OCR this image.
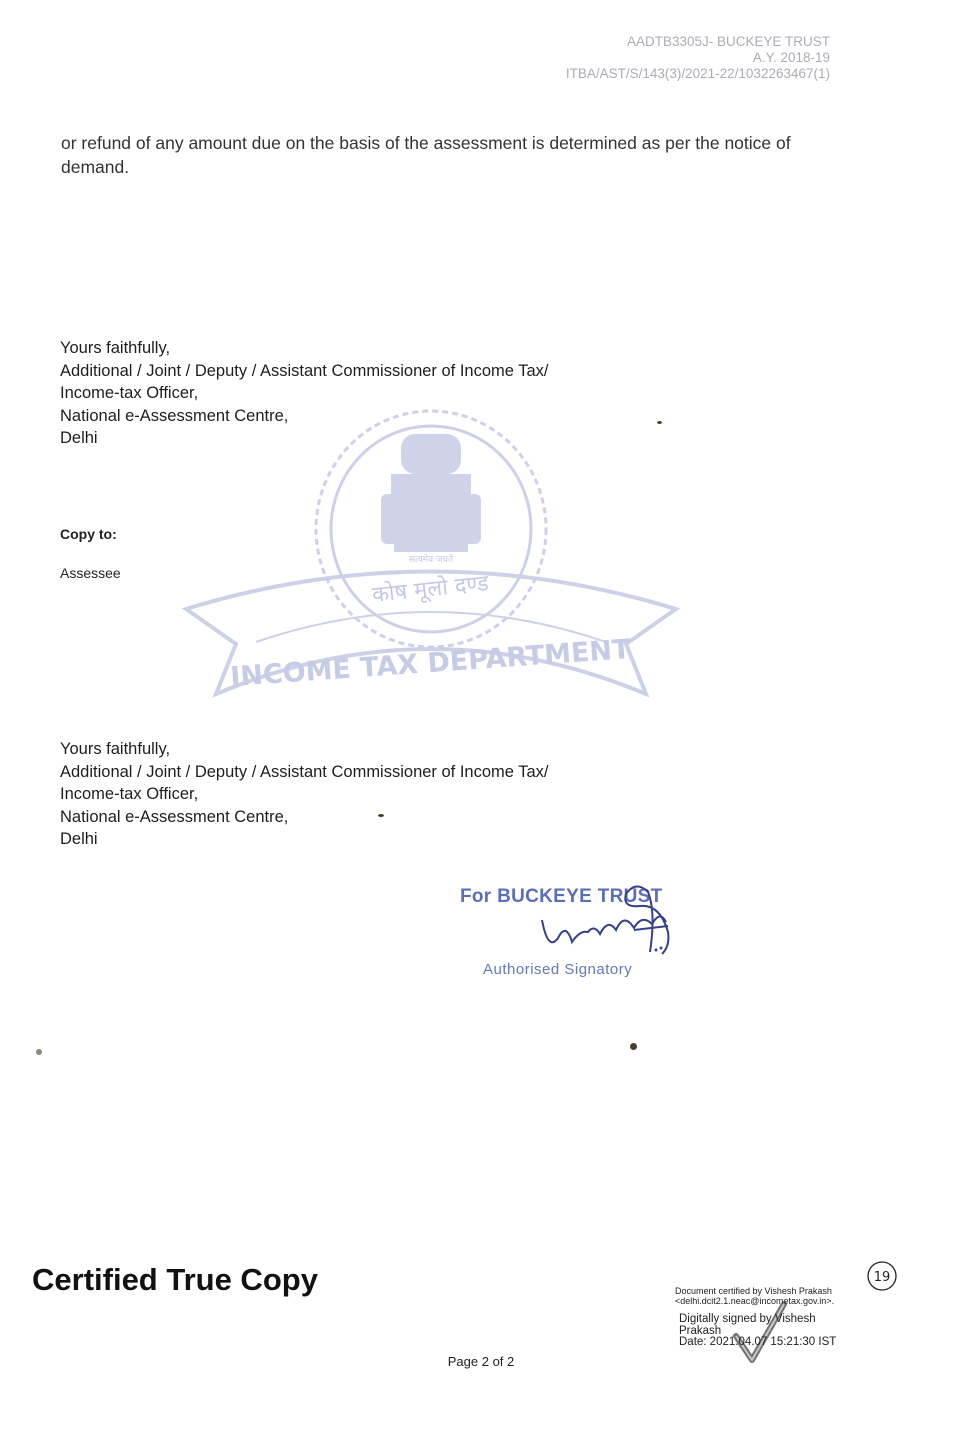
AADTB3305J- BUCKEYE TRUST
A.Y. 2018-19
ITBA/AST/S/143(3)/2021-22/1032263467(1)
or refund of any amount due on the basis of the assessment is determined as per the notice of demand.
सत्यमेव जयते
कोष मूलो दण्ड
INCOME TAX DEPARTMENT
Yours faithfully,
Additional / Joint / Deputy / Assistant Commissioner of Income Tax/
Income-tax Officer,
National e-Assessment Centre,
Delhi
Copy to:
Assessee
Yours faithfully,
Additional / Joint / Deputy / Assistant Commissioner of Income Tax/
Income-tax Officer,
National e-Assessment Centre,
Delhi
For BUCKEYE TRUST
Authorised Signatory
Certified True Copy	Document certified by Vishesh Prakash
<delhi.dcit2.1.neac@incometax.gov.in>.
Digitally signed by Vishesh
Prakash
Date: 2021.04.07 15:21:30 IST
19
Page 2 of 2
